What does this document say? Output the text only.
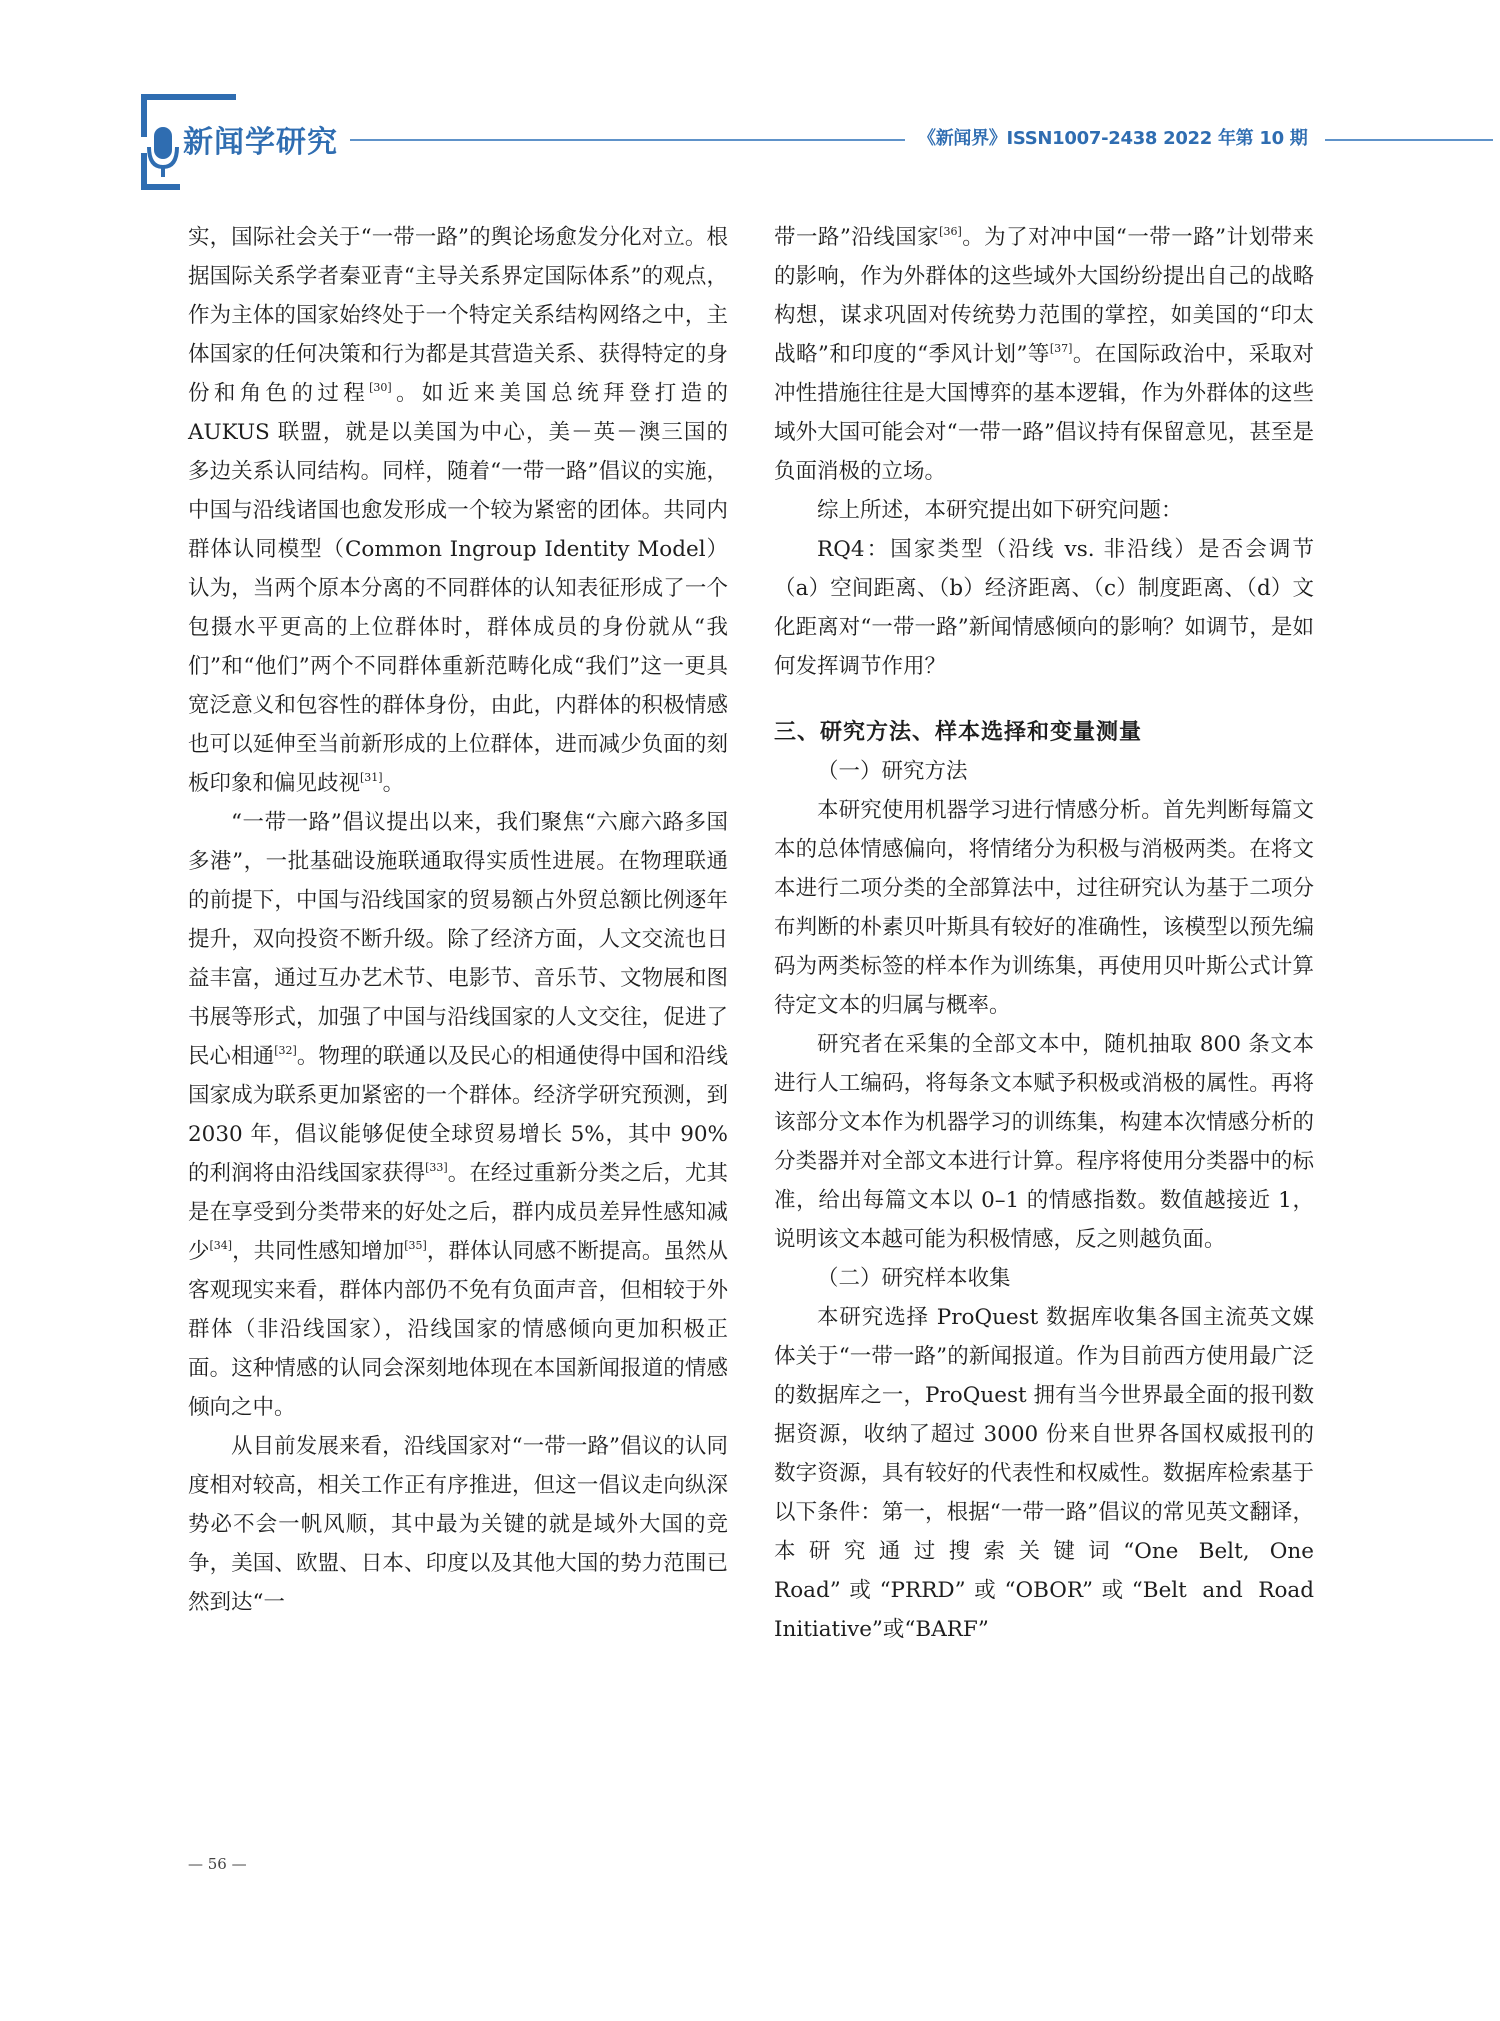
新闻学研究	《新闻界》ISSN1007-2438 2022 年第 10 期

实，国际社会关于“一带一路”的舆论场愈发分化对立。根据国际关系学者秦亚青“主导关系界定国际体系”的观点，作为主体的国家始终处于一个特定关系结构网络之中，主体国家的任何决策和行为都是其营造关系、获得特定的身份和角色的过程[30]。如近来美国总统拜登打造的 AUKUS 联盟，就是以美国为中心，美－英－澳三国的多边关系认同结构。同样，随着“一带一路”倡议的实施，中国与沿线诸国也愈发形成一个较为紧密的团体。共同内群体认同模型（Common Ingroup Identity Model）认为，当两个原本分离的不同群体的认知表征形成了一个包摄水平更高的上位群体时，群体成员的身份就从“我们”和“他们”两个不同群体重新范畴化成“我们”这一更具宽泛意义和包容性的群体身份，由此，内群体的积极情感也可以延伸至当前新形成的上位群体，进而减少负面的刻板印象和偏见歧视[31]。

“一带一路”倡议提出以来，我们聚焦“六廊六路多国多港”，一批基础设施联通取得实质性进展。在物理联通的前提下，中国与沿线国家的贸易额占外贸总额比例逐年提升，双向投资不断升级。除了经济方面，人文交流也日益丰富，通过互办艺术节、电影节、音乐节、文物展和图书展等形式，加强了中国与沿线国家的人文交往，促进了民心相通[32]。物理的联通以及民心的相通使得中国和沿线国家成为联系更加紧密的一个群体。经济学研究预测，到 2030 年，倡议能够促使全球贸易增长 5%，其中 90%的利润将由沿线国家获得[33]。在经过重新分类之后，尤其是在享受到分类带来的好处之后，群内成员差异性感知减少[34]，共同性感知增加[35]，群体认同感不断提高。虽然从客观现实来看，群体内部仍不免有负面声音，但相较于外群体（非沿线国家），沿线国家的情感倾向更加积极正面。这种情感的认同会深刻地体现在本国新闻报道的情感倾向之中。

从目前发展来看，沿线国家对“一带一路”倡议的认同度相对较高，相关工作正有序推进，但这一倡议走向纵深势必不会一帆风顺，其中最为关键的就是域外大国的竞争，美国、欧盟、日本、印度以及其他大国的势力范围已然到达“一

带一路”沿线国家[36]。为了对冲中国“一带一路”计划带来的影响，作为外群体的这些域外大国纷纷提出自己的战略构想，谋求巩固对传统势力范围的掌控，如美国的“印太战略”和印度的“季风计划”等[37]。在国际政治中，采取对冲性措施往往是大国博弈的基本逻辑，作为外群体的这些域外大国可能会对“一带一路”倡议持有保留意见，甚至是负面消极的立场。

综上所述，本研究提出如下研究问题：

RQ4：国家类型（沿线 vs. 非沿线）是否会调节（a）空间距离、（b）经济距离、（c）制度距离、（d）文化距离对“一带一路”新闻情感倾向的影响？如调节，是如何发挥调节作用？

三、研究方法、样本选择和变量测量

（一）研究方法

本研究使用机器学习进行情感分析。首先判断每篇文本的总体情感偏向，将情绪分为积极与消极两类。在将文本进行二项分类的全部算法中，过往研究认为基于二项分布判断的朴素贝叶斯具有较好的准确性，该模型以预先编码为两类标签的样本作为训练集，再使用贝叶斯公式计算待定文本的归属与概率。

研究者在采集的全部文本中，随机抽取 800 条文本进行人工编码，将每条文本赋予积极或消极的属性。再将该部分文本作为机器学习的训练集，构建本次情感分析的分类器并对全部文本进行计算。程序将使用分类器中的标准，给出每篇文本以 0–1 的情感指数。数值越接近 1，说明该文本越可能为积极情感，反之则越负面。

（二）研究样本收集

本研究选择 ProQuest 数据库收集各国主流英文媒体关于“一带一路”的新闻报道。作为目前西方使用最广泛的数据库之一，ProQuest 拥有当今世界最全面的报刊数据资源，收纳了超过 3000 份来自世界各国权威报刊的数字资源，具有较好的代表性和权威性。数据库检索基于以下条件：第一，根据“一带一路”倡议的常见英文翻译，本研究通过搜索关键词“One Belt, One Road”或“PRRD”或“OBOR”或“Belt and Road Initiative”或“BARF”

— 56 —
